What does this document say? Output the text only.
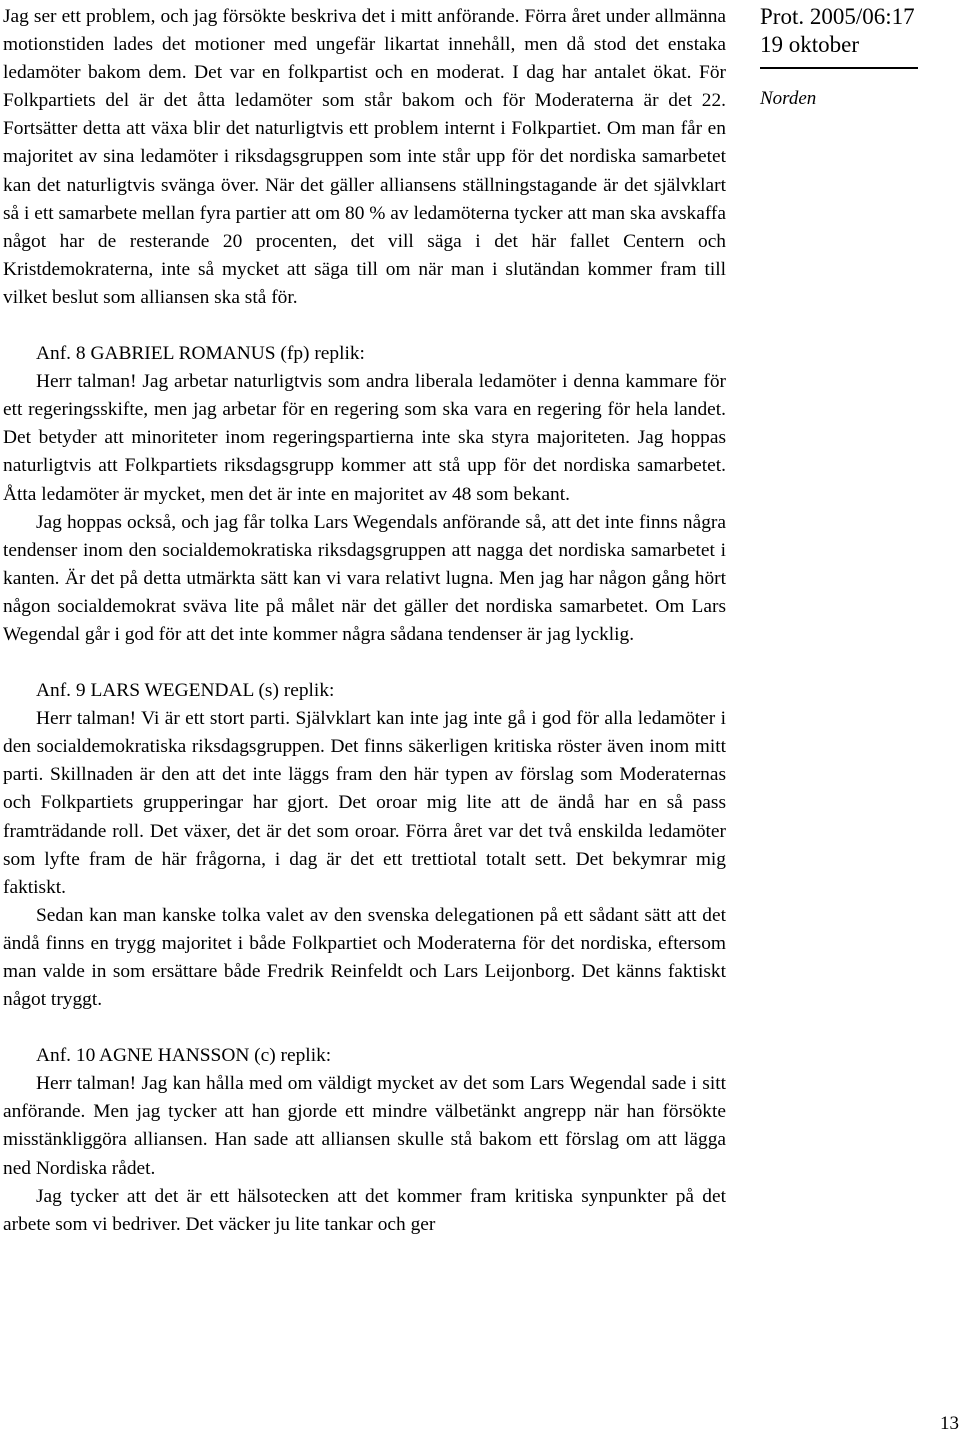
Jag ser ett problem, och jag försökte beskriva det i mitt anförande. Förra året under allmänna motionstiden lades det motioner med ungefär likartat innehåll, men då stod det enstaka ledamöter bakom dem. Det var en folkpartist och en moderat. I dag har antalet ökat. För Folkpartiets del är det åtta ledamöter som står bakom och för Moderaterna är det 22. Fortsätter detta att växa blir det naturligtvis ett problem internt i Folkpartiet. Om man får en majoritet av sina ledamöter i riksdagsgruppen som inte står upp för det nordiska samarbetet kan det naturligtvis svänga över. När det gäller alliansens ställningstagande är det självklart så i ett samarbete mellan fyra partier att om 80 % av ledamöterna tycker att man ska avskaffa något har de resterande 20 procenten, det vill säga i det här fallet Centern och Kristdemokraterna, inte så mycket att säga till om när man i slutändan kommer fram till vilket beslut som alliansen ska stå för.

Anf. 8 GABRIEL ROMANUS (fp) replik:

Herr talman! Jag arbetar naturligtvis som andra liberala ledamöter i denna kammare för ett regeringsskifte, men jag arbetar för en regering som ska vara en regering för hela landet. Det betyder att minoriteter inom regeringspartierna inte ska styra majoriteten. Jag hoppas naturligtvis att Folkpartiets riksdagsgrupp kommer att stå upp för det nordiska samarbetet. Åtta ledamöter är mycket, men det är inte en majoritet av 48 som bekant.

Jag hoppas också, och jag får tolka Lars Wegendals anförande så, att det inte finns några tendenser inom den socialdemokratiska riksdagsgruppen att nagga det nordiska samarbetet i kanten. Är det på detta utmärkta sätt kan vi vara relativt lugna. Men jag har någon gång hört någon socialdemokrat sväva lite på målet när det gäller det nordiska samarbetet. Om Lars Wegendal går i god för att det inte kommer några sådana tendenser är jag lycklig.

Anf. 9 LARS WEGENDAL (s) replik:

Herr talman! Vi är ett stort parti. Självklart kan inte jag inte gå i god för alla ledamöter i den socialdemokratiska riksdagsgruppen. Det finns säkerligen kritiska röster även inom mitt parti. Skillnaden är den att det inte läggs fram den här typen av förslag som Moderaternas och Folkpartiets grupperingar har gjort. Det oroar mig lite att de ändå har en så pass framträdande roll. Det växer, det är det som oroar. Förra året var det två enskilda ledamöter som lyfte fram de här frågorna, i dag är det ett trettiotal totalt sett. Det bekymrar mig faktiskt.

Sedan kan man kanske tolka valet av den svenska delegationen på ett sådant sätt att det ändå finns en trygg majoritet i både Folkpartiet och Moderaterna för det nordiska, eftersom man valde in som ersättare både Fredrik Reinfeldt och Lars Leijonborg. Det känns faktiskt något tryggt.

Anf. 10 AGNE HANSSON (c) replik:

Herr talman! Jag kan hålla med om väldigt mycket av det som Lars Wegendal sade i sitt anförande. Men jag tycker att han gjorde ett mindre välbetänkt angrepp när han försökte misstänkliggöra alliansen. Han sade att alliansen skulle stå bakom ett förslag om att lägga ned Nordiska rådet.

Jag tycker att det är ett hälsotecken att det kommer fram kritiska synpunkter på det arbete som vi bedriver. Det väcker ju lite tankar och ger

Prot. 2005/06:17
19 oktober
Norden
13
